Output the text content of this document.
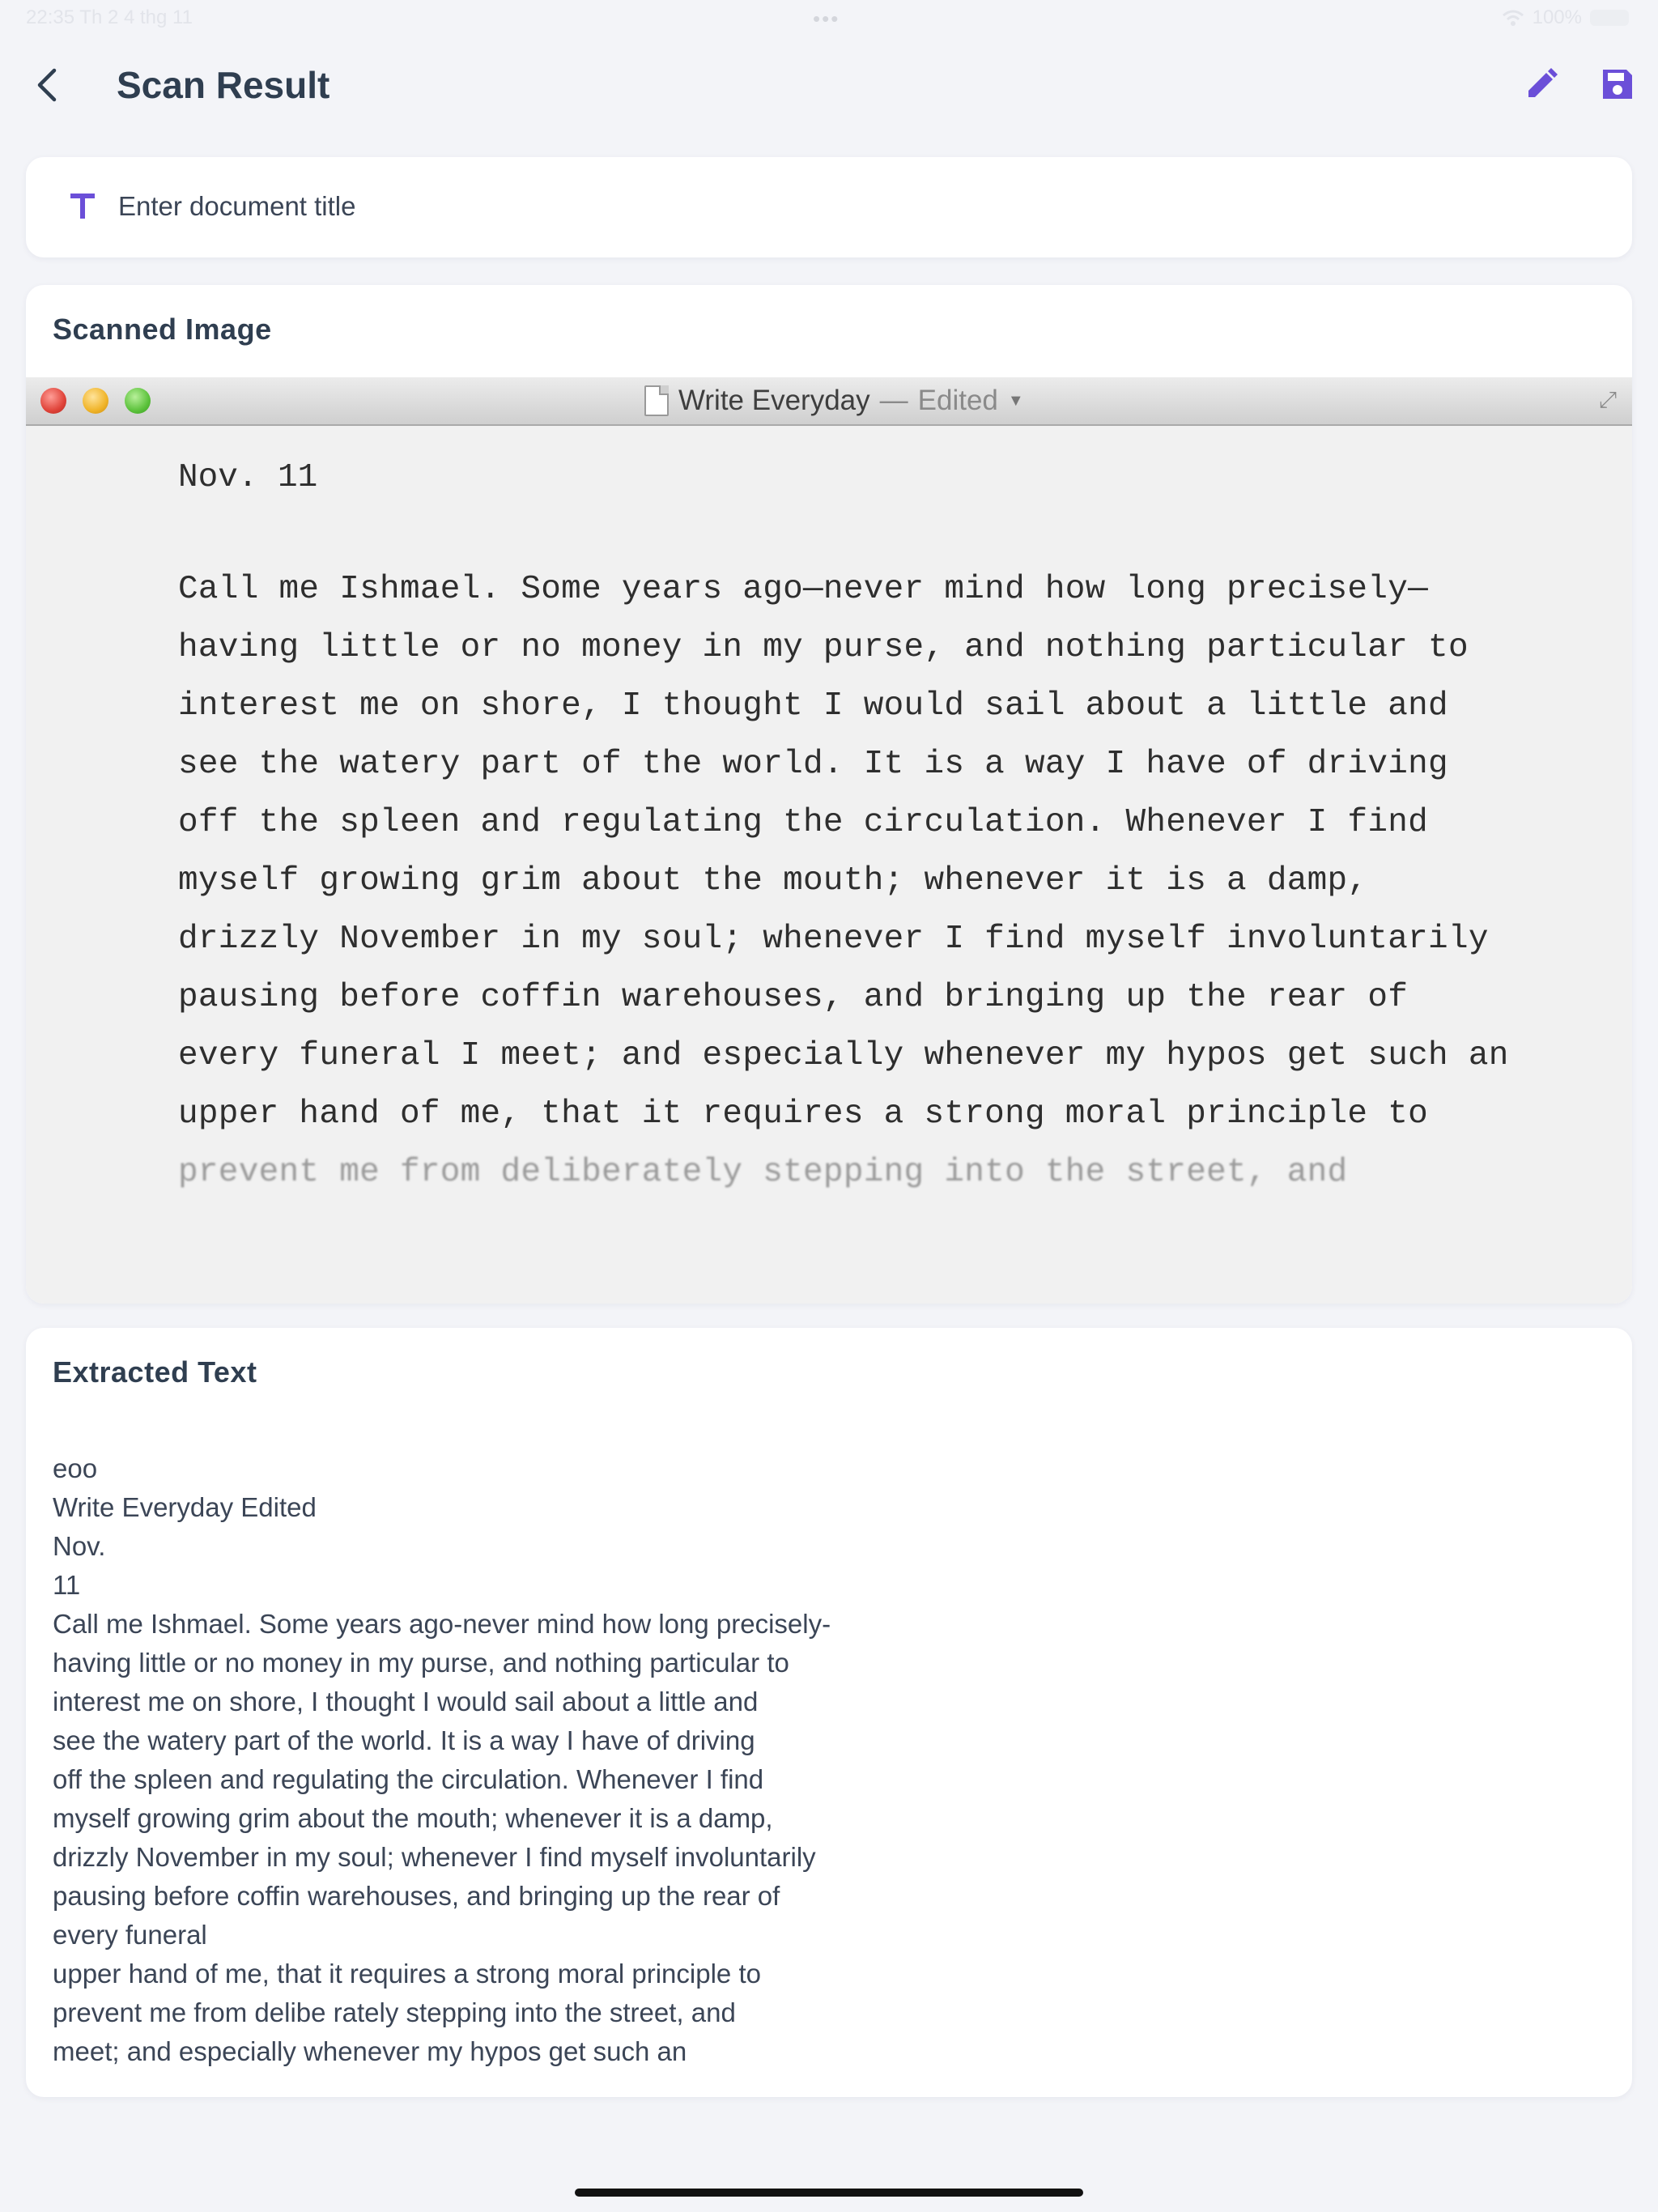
22:35 Th 2 4 thg 11	•••	100%
Scan Result
Enter document title
Scanned Image
Write Everyday — Edited ▼	⤢
Nov. 11
Call me Ishmael. Some years ago—never mind how long precisely—
having little or no money in my purse, and nothing particular to
interest me on shore, I thought I would sail about a little and
see the watery part of the world. It is a way I have of driving
off the spleen and regulating the circulation. Whenever I find
myself growing grim about the mouth; whenever it is a damp,
drizzly November in my soul; whenever I find myself involuntarily
pausing before coffin warehouses, and bringing up the rear of
every funeral I meet; and especially whenever my hypos get such an
upper hand of me, that it requires a strong moral principle to
prevent me from deliberately stepping into the street, and
Extracted Text
eoo
Write Everyday Edited
Nov.
11
Call me Ishmael. Some years ago-never mind how long precisely-
having little or no money in my purse, and nothing particular to
interest me on shore, I thought I would sail about a little and
see the watery part of the world. It is a way I have of driving
off the spleen and regulating the circulation. Whenever I find
myself growing grim about the mouth; whenever it is a damp,
drizzly November in my soul; whenever I find myself involuntarily
pausing before coffin warehouses, and bringing up the rear of
every funeral
upper hand of me, that it requires a strong moral principle to
prevent me from delibe rately stepping into the street, and
meet; and especially whenever my hypos get such an
